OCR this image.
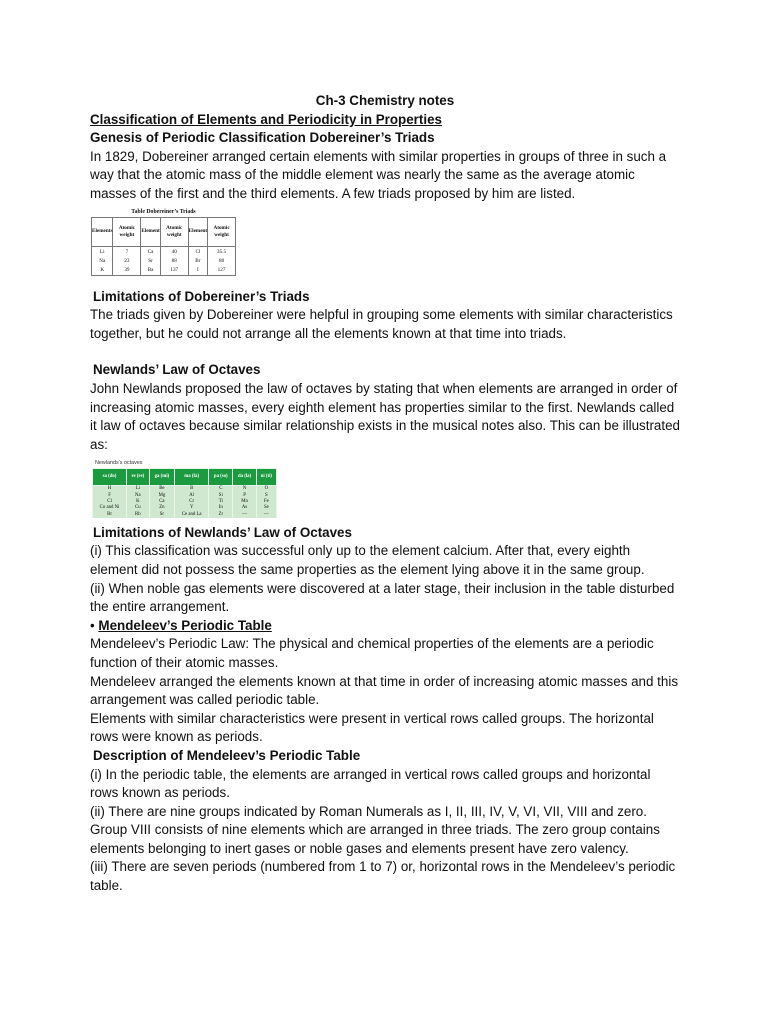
Ch-3 Chemistry notes

Classification of Elements and Periodicity in Properties

Genesis of Periodic Classification Dobereiner’s Triads

In 1829, Dobereiner arranged certain elements with similar properties in groups of three in such a way that the atomic mass of the middle element was nearly the same as the average atomic masses of the first and the third elements. A few triads proposed by him are listed.

Table Dobereiner’s Triads
Elements	Atomic weight	Element	Atomic weight	Element	Atomic weight
Li	7	Ca	40	Cl	35.5
Na	23	Sr	88	Br	80
K	39	Ba	137	I	127

Limitations of Dobereiner’s Triads

The triads given by Dobereiner were helpful in grouping some elements with similar characteristics together, but he could not arrange all the elements known at that time into triads.

Newlands’ Law of Octaves

John Newlands proposed the law of octaves by stating that when elements are arranged in order of increasing atomic masses, every eighth element has properties similar to the first. Newlands called it law of octaves because similar relationship exists in the musical notes also. This can be illustrated as:

Newlands's octaves
sa (do)	re (re)	ga (mi)	ma (fa)	pa (so)	da (la)	ni (ti)
H	Li	Be	B	C	N	O
F	Na	Mg	Al	Si	P	S
Cl	K	Ca	Cr	Ti	Mn	Fe
Co and Ni	Cu	Zn	Y	In	As	Se
Br	Rb	Sr	Ce and La	Zr	—	—

Limitations of Newlands’ Law of Octaves

(i) This classification was successful only up to the element calcium. After that, every eighth element did not possess the same properties as the element lying above it in the same group.

(ii) When noble gas elements were discovered at a later stage, their inclusion in the table disturbed the entire arrangement.

• Mendeleev’s Periodic Table

Mendeleev’s Periodic Law: The physical and chemical properties of the elements are a periodic function of their atomic masses.

Mendeleev arranged the elements known at that time in order of increasing atomic masses and this arrangement was called periodic table.

Elements with similar characteristics were present in vertical rows called groups. The horizontal rows were known as periods.

Description of Mendeleev’s Periodic Table

(i) In the periodic table, the elements are arranged in vertical rows called groups and horizontal rows known as periods.

(ii) There are nine groups indicated by Roman Numerals as I, II, III, IV, V, VI, VII, VIII and zero. Group VIII consists of nine elements which are arranged in three triads. The zero group contains elements belonging to inert gases or noble gases and elements present have zero valency.

(iii) There are seven periods (numbered from 1 to 7) or, horizontal rows in the Mendeleev’s periodic table.
